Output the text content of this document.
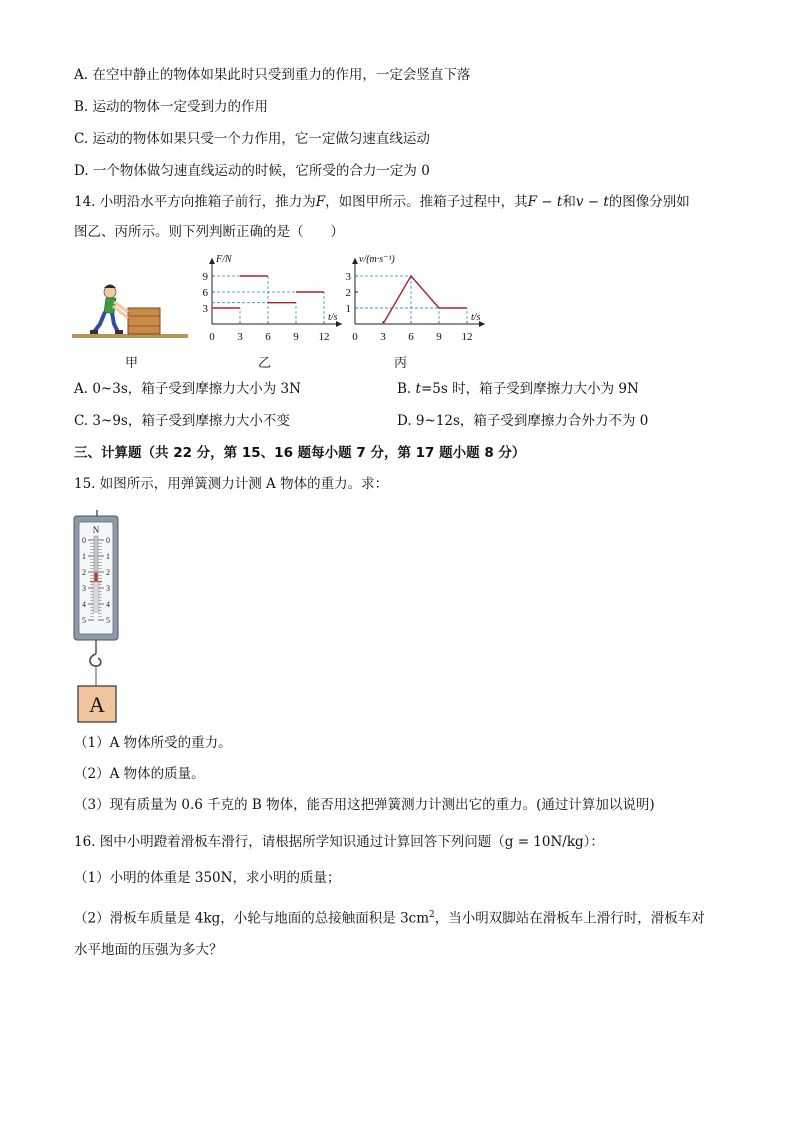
A. 在空中静止的物体如果此时只受到重力的作用，一定会竖直下落
B. 运动的物体一定受到力的作用
C. 运动的物体如果只受一个力作用，它一定做匀速直线运动
D. 一个物体做匀速直线运动的时候，它所受的合力一定为 0
14. 小明沿水平方向推箱子前行，推力为F，如图甲所示。推箱子过程中，其F − t和v − t的图像分别如
图乙、丙所示。则下列判断正确的是（　　）
甲
F/N
t/s
0 3 6 9 12
3
6
9
乙
v/(m·s⁻¹)
t/s
0 3 6 9 12
1
2
3
丙
A. 0~3s，箱子受到摩擦力大小为 3N	B. t=5s 时，箱子受到摩擦力大小为 9N
C. 3~9s，箱子受到摩擦力大小不变	D. 9~12s，箱子受到摩擦力合外力不为 0
三、计算题（共 22 分，第 15、16 题每小题 7 分，第 17 题小题 8 分）
15. 如图所示，用弹簧测力计测 A 物体的重力。求：
0	0
1	1
2	2
3	3
4	4
5	5
N
A
（1）A 物体所受的重力。
（2）A 物体的质量。
（3）现有质量为 0.6 千克的 B 物体，能否用这把弹簧测力计测出它的重力。(通过计算加以说明)
16. 图中小明蹬着滑板车滑行，请根据所学知识通过计算回答下列问题（g = 10N/kg）：
（1）小明的体重是 350N，求小明的质量；
（2）滑板车质量是 4kg，小轮与地面的总接触面积是 $3cm^2$，当小明双脚站在滑板车上滑行时，滑板车对
水平地面的压强为多大？
